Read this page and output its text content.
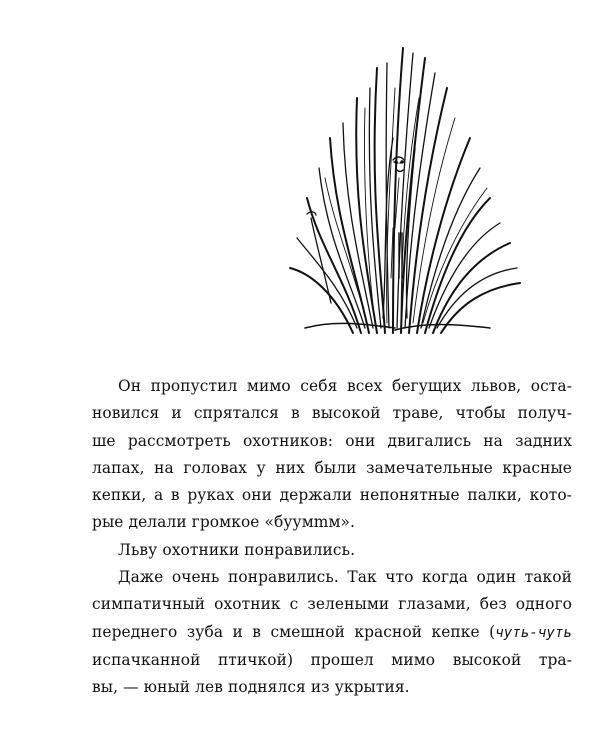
Он пропустил мимо себя всех бегущих львов, оста-
новился и спрятался в высокой траве, чтобы получ-
ше рассмотреть охотников: они двигались на задних
лапах, на головах у них были замечательные красные
кепки, а в руках они держали непонятные палки, кото-
рые делали громкое «буумmм».
Льву охотники понравились.
Даже очень понравились. Так что когда один такой
симпатичный охотник с зелеными глазами, без одного
переднего зуба и в смешной красной кепке (чуть-чуть
испачканной птичкой) прошел мимо высокой тра-
вы, — юный лев поднялся из укрытия.
